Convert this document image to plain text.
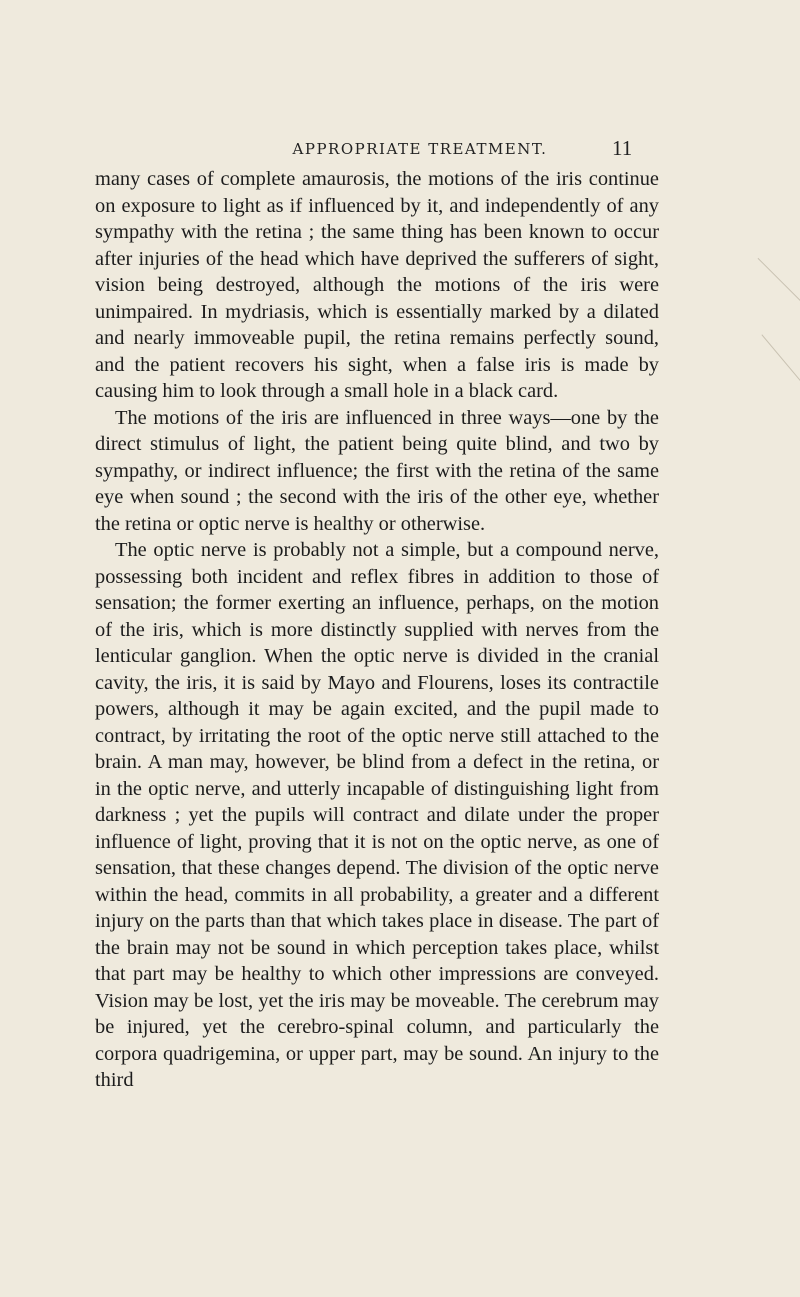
APPROPRIATE TREATMENT.	11

many cases of complete amaurosis, the motions of the iris continue on exposure to light as if influenced by it, and independently of any sympathy with the retina ; the same thing has been known to occur after injuries of the head which have deprived the sufferers of sight, vision being destroyed, although the motions of the iris were unimpaired. In mydriasis, which is essentially marked by a dilated and nearly immoveable pupil, the retina remains perfectly sound, and the patient recovers his sight, when a false iris is made by causing him to look through a small hole in a black card.

The motions of the iris are influenced in three ways—one by the direct stimulus of light, the patient being quite blind, and two by sympathy, or indirect influence; the first with the retina of the same eye when sound ; the second with the iris of the other eye, whether the retina or optic nerve is healthy or otherwise.

The optic nerve is probably not a simple, but a compound nerve, possessing both incident and reflex fibres in addition to those of sensation; the former exerting an influence, perhaps, on the motion of the iris, which is more distinctly supplied with nerves from the lenticular ganglion. When the optic nerve is divided in the cranial cavity, the iris, it is said by Mayo and Flourens, loses its contractile powers, although it may be again excited, and the pupil made to contract, by irritating the root of the optic nerve still attached to the brain. A man may, however, be blind from a defect in the retina, or in the optic nerve, and utterly incapable of distinguishing light from darkness ; yet the pupils will contract and dilate under the proper influence of light, proving that it is not on the optic nerve, as one of sensation, that these changes depend. The division of the optic nerve within the head, commits in all probability, a greater and a different injury on the parts than that which takes place in disease. The part of the brain may not be sound in which perception takes place, whilst that part may be healthy to which other impressions are conveyed. Vision may be lost, yet the iris may be moveable. The cerebrum may be injured, yet the cerebro-spinal column, and particularly the corpora quadrigemina, or upper part, may be sound. An injury to the third
